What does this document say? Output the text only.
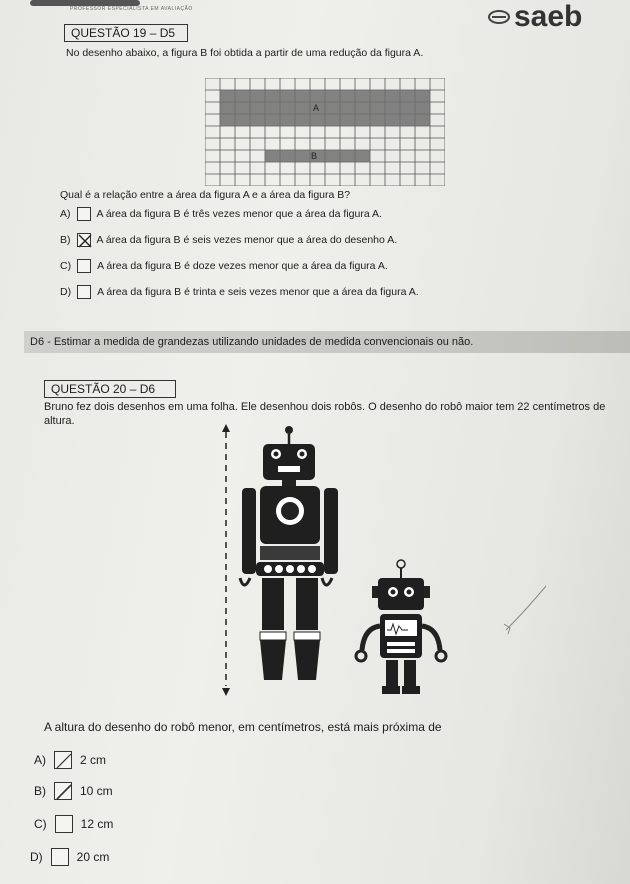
PROFESSOR ESPECIALISTA EM AVALIAÇÃO	saeb
QUESTÃO 19 – D5
No desenho abaixo, a figura B foi obtida a partir de uma redução da figura A.
A
B
Qual é a relação entre a área da figura A e a área da figura B?
A) A área da figura B é três vezes menor que a área da figura A.
B) A área da figura B é seis vezes menor que a área do desenho A.
C) A área da figura B é doze vezes menor que a área da figura A.
D) A área da figura B é trinta e seis vezes menor que a área da figura A.
D6 - Estimar a medida de grandezas utilizando unidades de medida convencionais ou não.
QUESTÃO 20 – D6
Bruno fez dois desenhos em uma folha. Ele desenhou dois robôs. O desenho do robô maior tem 22 centímetros de altura.
A altura do desenho do robô menor, em centímetros, está mais próxima de
A)	2 cm
B)	10 cm
C)	12 cm
D)	20 cm
